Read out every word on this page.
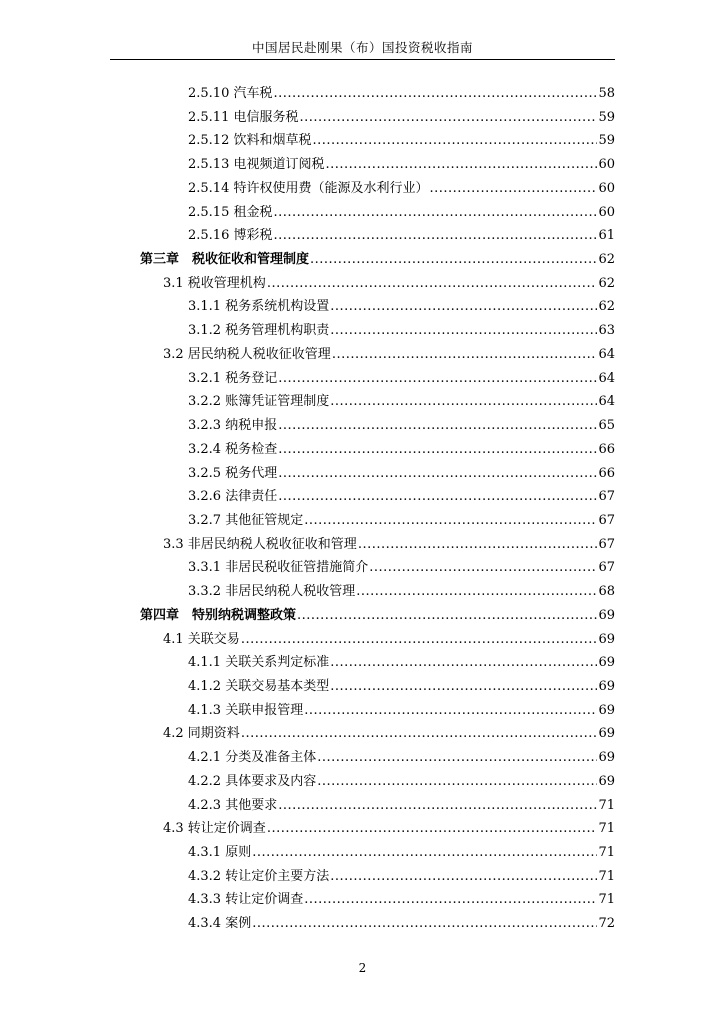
中国居民赴刚果（布）国投资税收指南
2.5.10 汽车税 .....	58
2.5.11 电信服务税 .....	59
2.5.12 饮料和烟草税 .....	59
2.5.13 电视频道订阅税 .....	60
2.5.14 特许权使用费（能源及水利行业） .....	60
2.5.15 租金税 .....	60
2.5.16 博彩税 .....	61
第三章　税收征收和管理制度 .....	62
3.1 税收管理机构 .....	62
3.1.1 税务系统机构设置 .....	62
3.1.2 税务管理机构职责 .....	63
3.2 居民纳税人税收征收管理 .....	64
3.2.1 税务登记 .....	64
3.2.2 账簿凭证管理制度 .....	64
3.2.3 纳税申报 .....	65
3.2.4 税务检查 .....	66
3.2.5 税务代理 .....	66
3.2.6 法律责任 .....	67
3.2.7 其他征管规定 .....	67
3.3 非居民纳税人税收征收和管理 .....	67
3.3.1 非居民税收征管措施简介 .....	67
3.3.2 非居民纳税人税收管理 .....	68
第四章　特别纳税调整政策 .....	69
4.1 关联交易 .....	69
4.1.1 关联关系判定标准 .....	69
4.1.2 关联交易基本类型 .....	69
4.1.3 关联申报管理 .....	69
4.2 同期资料 .....	69
4.2.1 分类及准备主体 .....	69
4.2.2 具体要求及内容 .....	69
4.2.3 其他要求 .....	71
4.3 转让定价调查 .....	71
4.3.1 原则 .....	71
4.3.2 转让定价主要方法 .....	71
4.3.3 转让定价调查 .....	71
4.3.4 案例 .....	72
2
